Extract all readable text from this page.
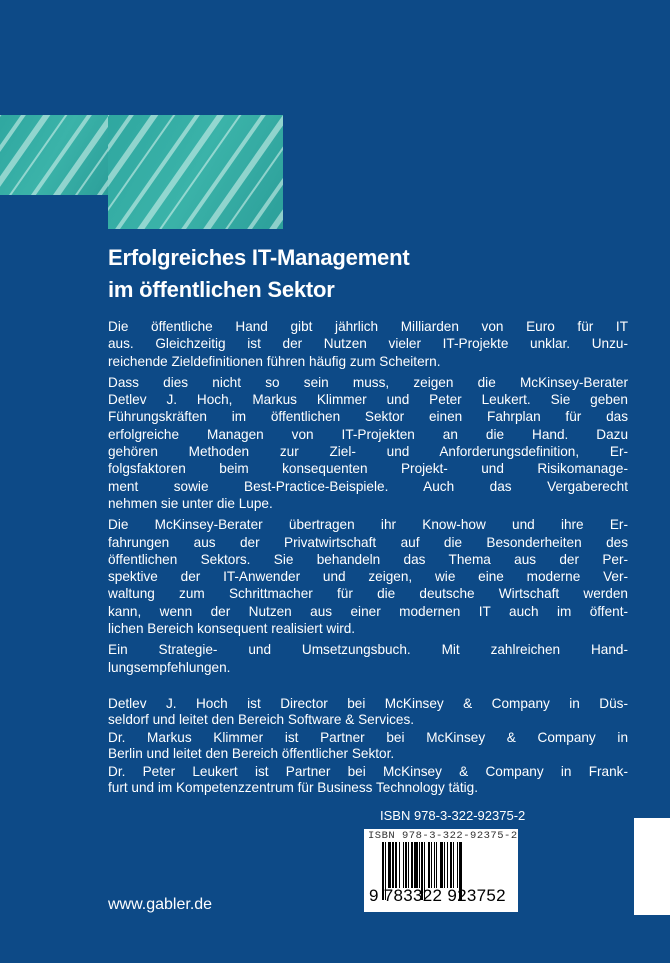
Erfolgreiches IT-Management
im öffentlichen Sektor
Die öffentliche Hand gibt jährlich Milliarden von Euro für IT
aus. Gleichzeitig ist der Nutzen vieler IT-Projekte unklar. Unzu-
reichende Zieldefinitionen führen häufig zum Scheitern.
Dass dies nicht so sein muss, zeigen die McKinsey-Berater
Detlev J. Hoch, Markus Klimmer und Peter Leukert. Sie geben
Führungskräften im öffentlichen Sektor einen Fahrplan für das
erfolgreiche Managen von IT-Projekten an die Hand. Dazu
gehören Methoden zur Ziel- und Anforderungsdefinition, Er-
folgsfaktoren beim konsequenten Projekt- und Risikomanage-
ment sowie Best-Practice-Beispiele. Auch das Vergaberecht
nehmen sie unter die Lupe.
Die McKinsey-Berater übertragen ihr Know-how und ihre Er-
fahrungen aus der Privatwirtschaft auf die Besonderheiten des
öffentlichen Sektors. Sie behandeln das Thema aus der Per-
spektive der IT-Anwender und zeigen, wie eine moderne Ver-
waltung zum Schrittmacher für die deutsche Wirtschaft werden
kann, wenn der Nutzen aus einer modernen IT auch im öffent-
lichen Bereich konsequent realisiert wird.
Ein Strategie- und Umsetzungsbuch. Mit zahlreichen Hand-
lungsempfehlungen.
Detlev J. Hoch ist Director bei McKinsey & Company in Düs-
seldorf und leitet den Bereich Software & Services.
Dr. Markus Klimmer ist Partner bei McKinsey & Company in
Berlin und leitet den Bereich öffentlicher Sektor.
Dr. Peter Leukert ist Partner bei McKinsey & Company in Frank-
furt und im Kompetenzzentrum für Business Technology tätig.
ISBN 978-3-322-92375-2
ISBN 978-3-322-92375-2
9 783322 923752
www.gabler.de
